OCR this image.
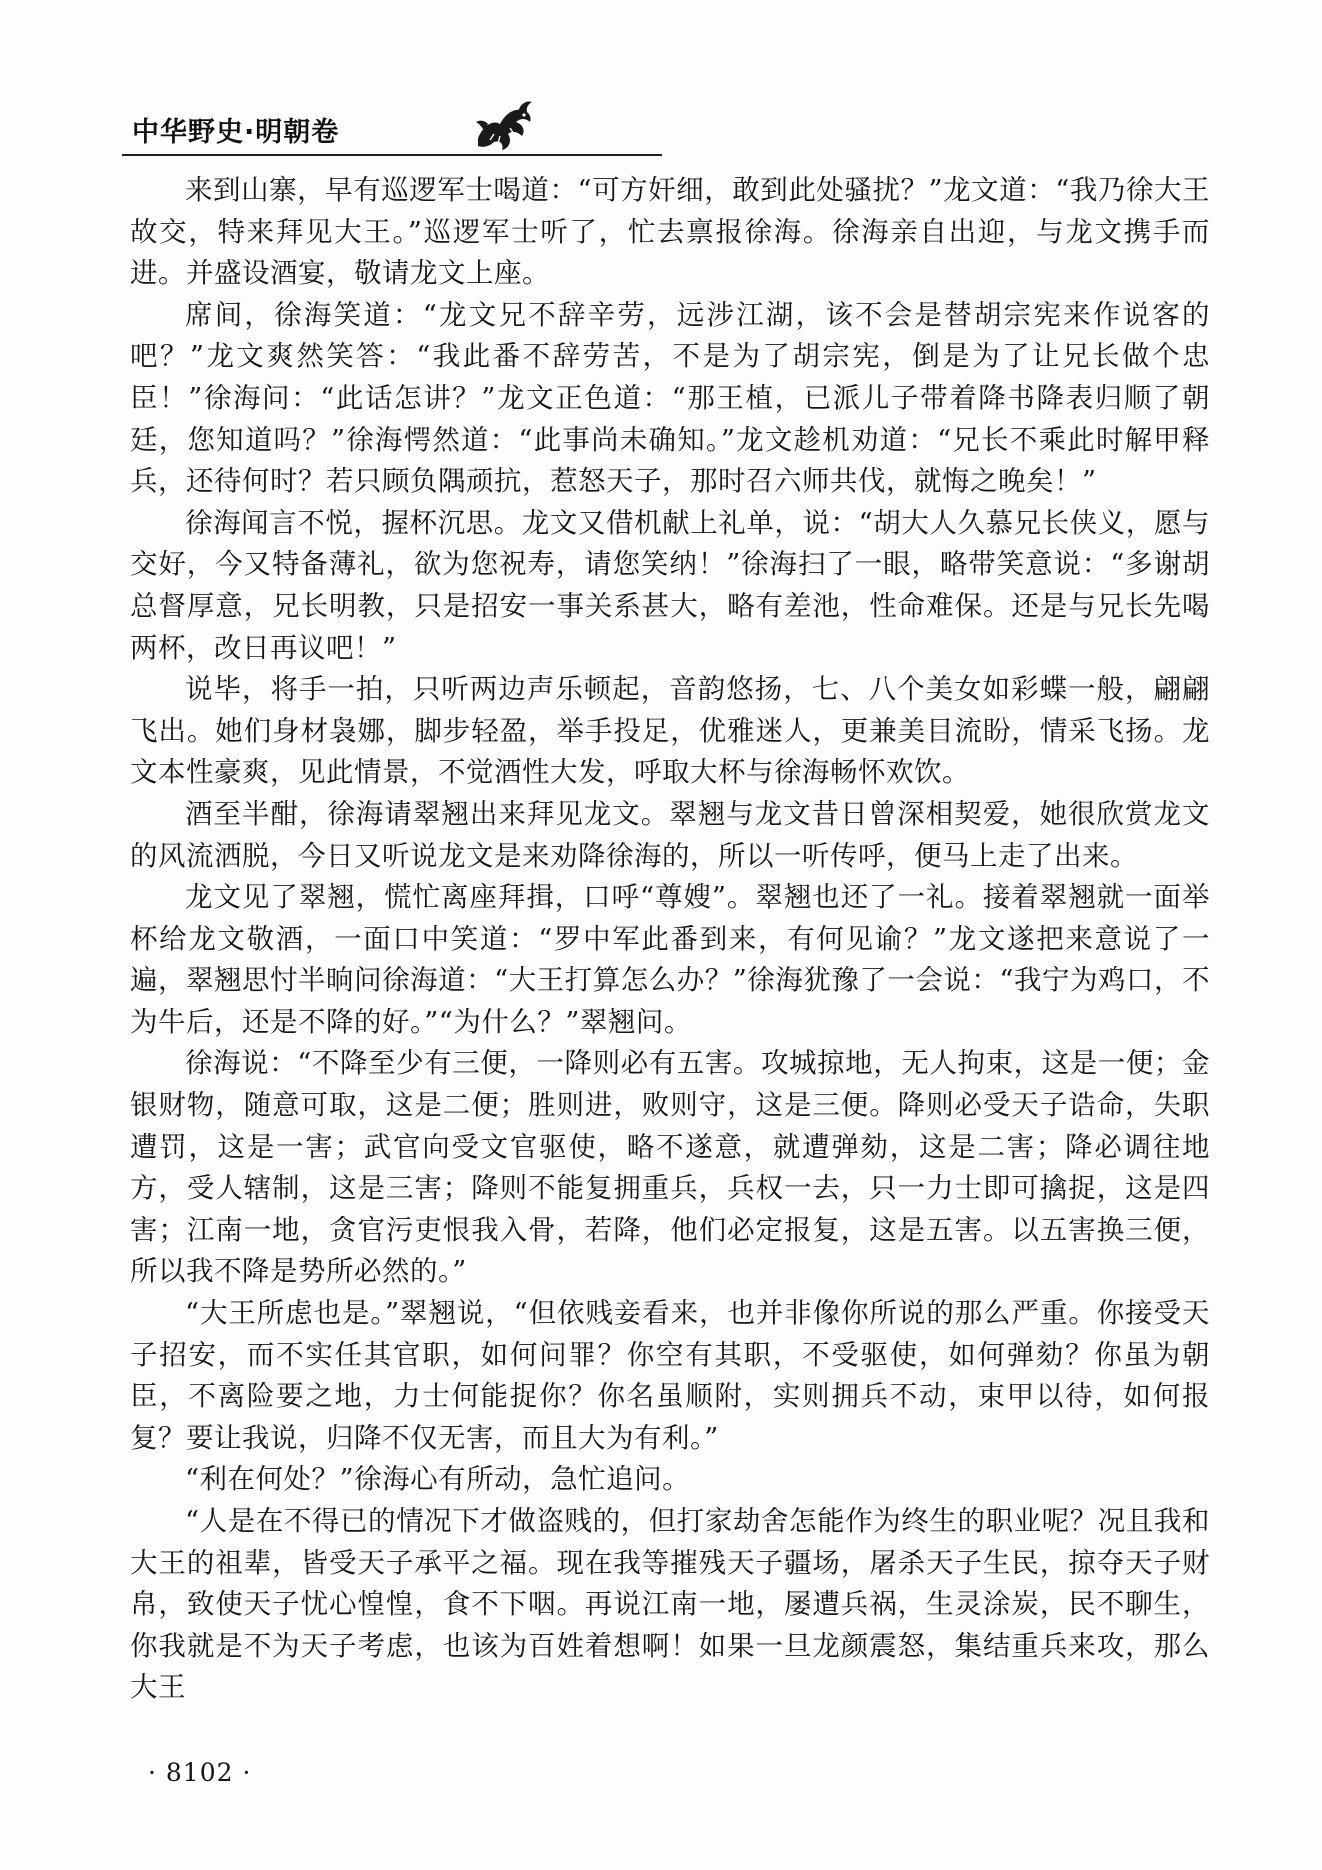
中华野史·明朝卷

来到山寨，早有巡逻军士喝道：“可方奸细，敢到此处骚扰？”龙文道：“我乃徐大王故交，特来拜见大王。”巡逻军士听了，忙去禀报徐海。徐海亲自出迎，与龙文携手而进。并盛设酒宴，敬请龙文上座。

席间，徐海笑道：“龙文兄不辞辛劳，远涉江湖，该不会是替胡宗宪来作说客的吧？”龙文爽然笑答：“我此番不辞劳苦，不是为了胡宗宪，倒是为了让兄长做个忠臣！”徐海问：“此话怎讲？”龙文正色道：“那王植，已派儿子带着降书降表归顺了朝廷，您知道吗？”徐海愕然道：“此事尚未确知。”龙文趁机劝道：“兄长不乘此时解甲释兵，还待何时？若只顾负隅顽抗，惹怒天子，那时召六师共伐，就悔之晚矣！”

徐海闻言不悦，握杯沉思。龙文又借机献上礼单，说：“胡大人久慕兄长侠义，愿与交好，今又特备薄礼，欲为您祝寿，请您笑纳！”徐海扫了一眼，略带笑意说：“多谢胡总督厚意，兄长明教，只是招安一事关系甚大，略有差池，性命难保。还是与兄长先喝两杯，改日再议吧！”

说毕，将手一拍，只听两边声乐顿起，音韵悠扬，七、八个美女如彩蝶一般，翩翩飞出。她们身材袅娜，脚步轻盈，举手投足，优雅迷人，更兼美目流盼，情采飞扬。龙文本性豪爽，见此情景，不觉酒性大发，呼取大杯与徐海畅怀欢饮。

酒至半酣，徐海请翠翘出来拜见龙文。翠翘与龙文昔日曾深相契爱，她很欣赏龙文的风流洒脱，今日又听说龙文是来劝降徐海的，所以一听传呼，便马上走了出来。

龙文见了翠翘，慌忙离座拜揖，口呼“尊嫂”。翠翘也还了一礼。接着翠翘就一面举杯给龙文敬酒，一面口中笑道：“罗中军此番到来，有何见谕？”龙文遂把来意说了一遍，翠翘思忖半晌问徐海道：“大王打算怎么办？”徐海犹豫了一会说：“我宁为鸡口，不为牛后，还是不降的好。”“为什么？”翠翘问。

徐海说：“不降至少有三便，一降则必有五害。攻城掠地，无人拘束，这是一便；金银财物，随意可取，这是二便；胜则进，败则守，这是三便。降则必受天子诰命，失职遭罚，这是一害；武官向受文官驱使，略不遂意，就遭弹劾，这是二害；降必调往地方，受人辖制，这是三害；降则不能复拥重兵，兵权一去，只一力士即可擒捉，这是四害；江南一地，贪官污吏恨我入骨，若降，他们必定报复，这是五害。以五害换三便，所以我不降是势所必然的。”

“大王所虑也是。”翠翘说，“但依贱妾看来，也并非像你所说的那么严重。你接受天子招安，而不实任其官职，如何问罪？你空有其职，不受驱使，如何弹劾？你虽为朝臣，不离险要之地，力士何能捉你？你名虽顺附，实则拥兵不动，束甲以待，如何报复？要让我说，归降不仅无害，而且大为有利。”

“利在何处？”徐海心有所动，急忙追问。

“人是在不得已的情况下才做盗贱的，但打家劫舍怎能作为终生的职业呢？况且我和大王的祖辈，皆受天子承平之福。现在我等摧残天子疆场，屠杀天子生民，掠夺天子财帛，致使天子忧心惶惶，食不下咽。再说江南一地，屡遭兵祸，生灵涂炭，民不聊生，你我就是不为天子考虑，也该为百姓着想啊！如果一旦龙颜震怒，集结重兵来攻，那么大王

· 8102 ·
